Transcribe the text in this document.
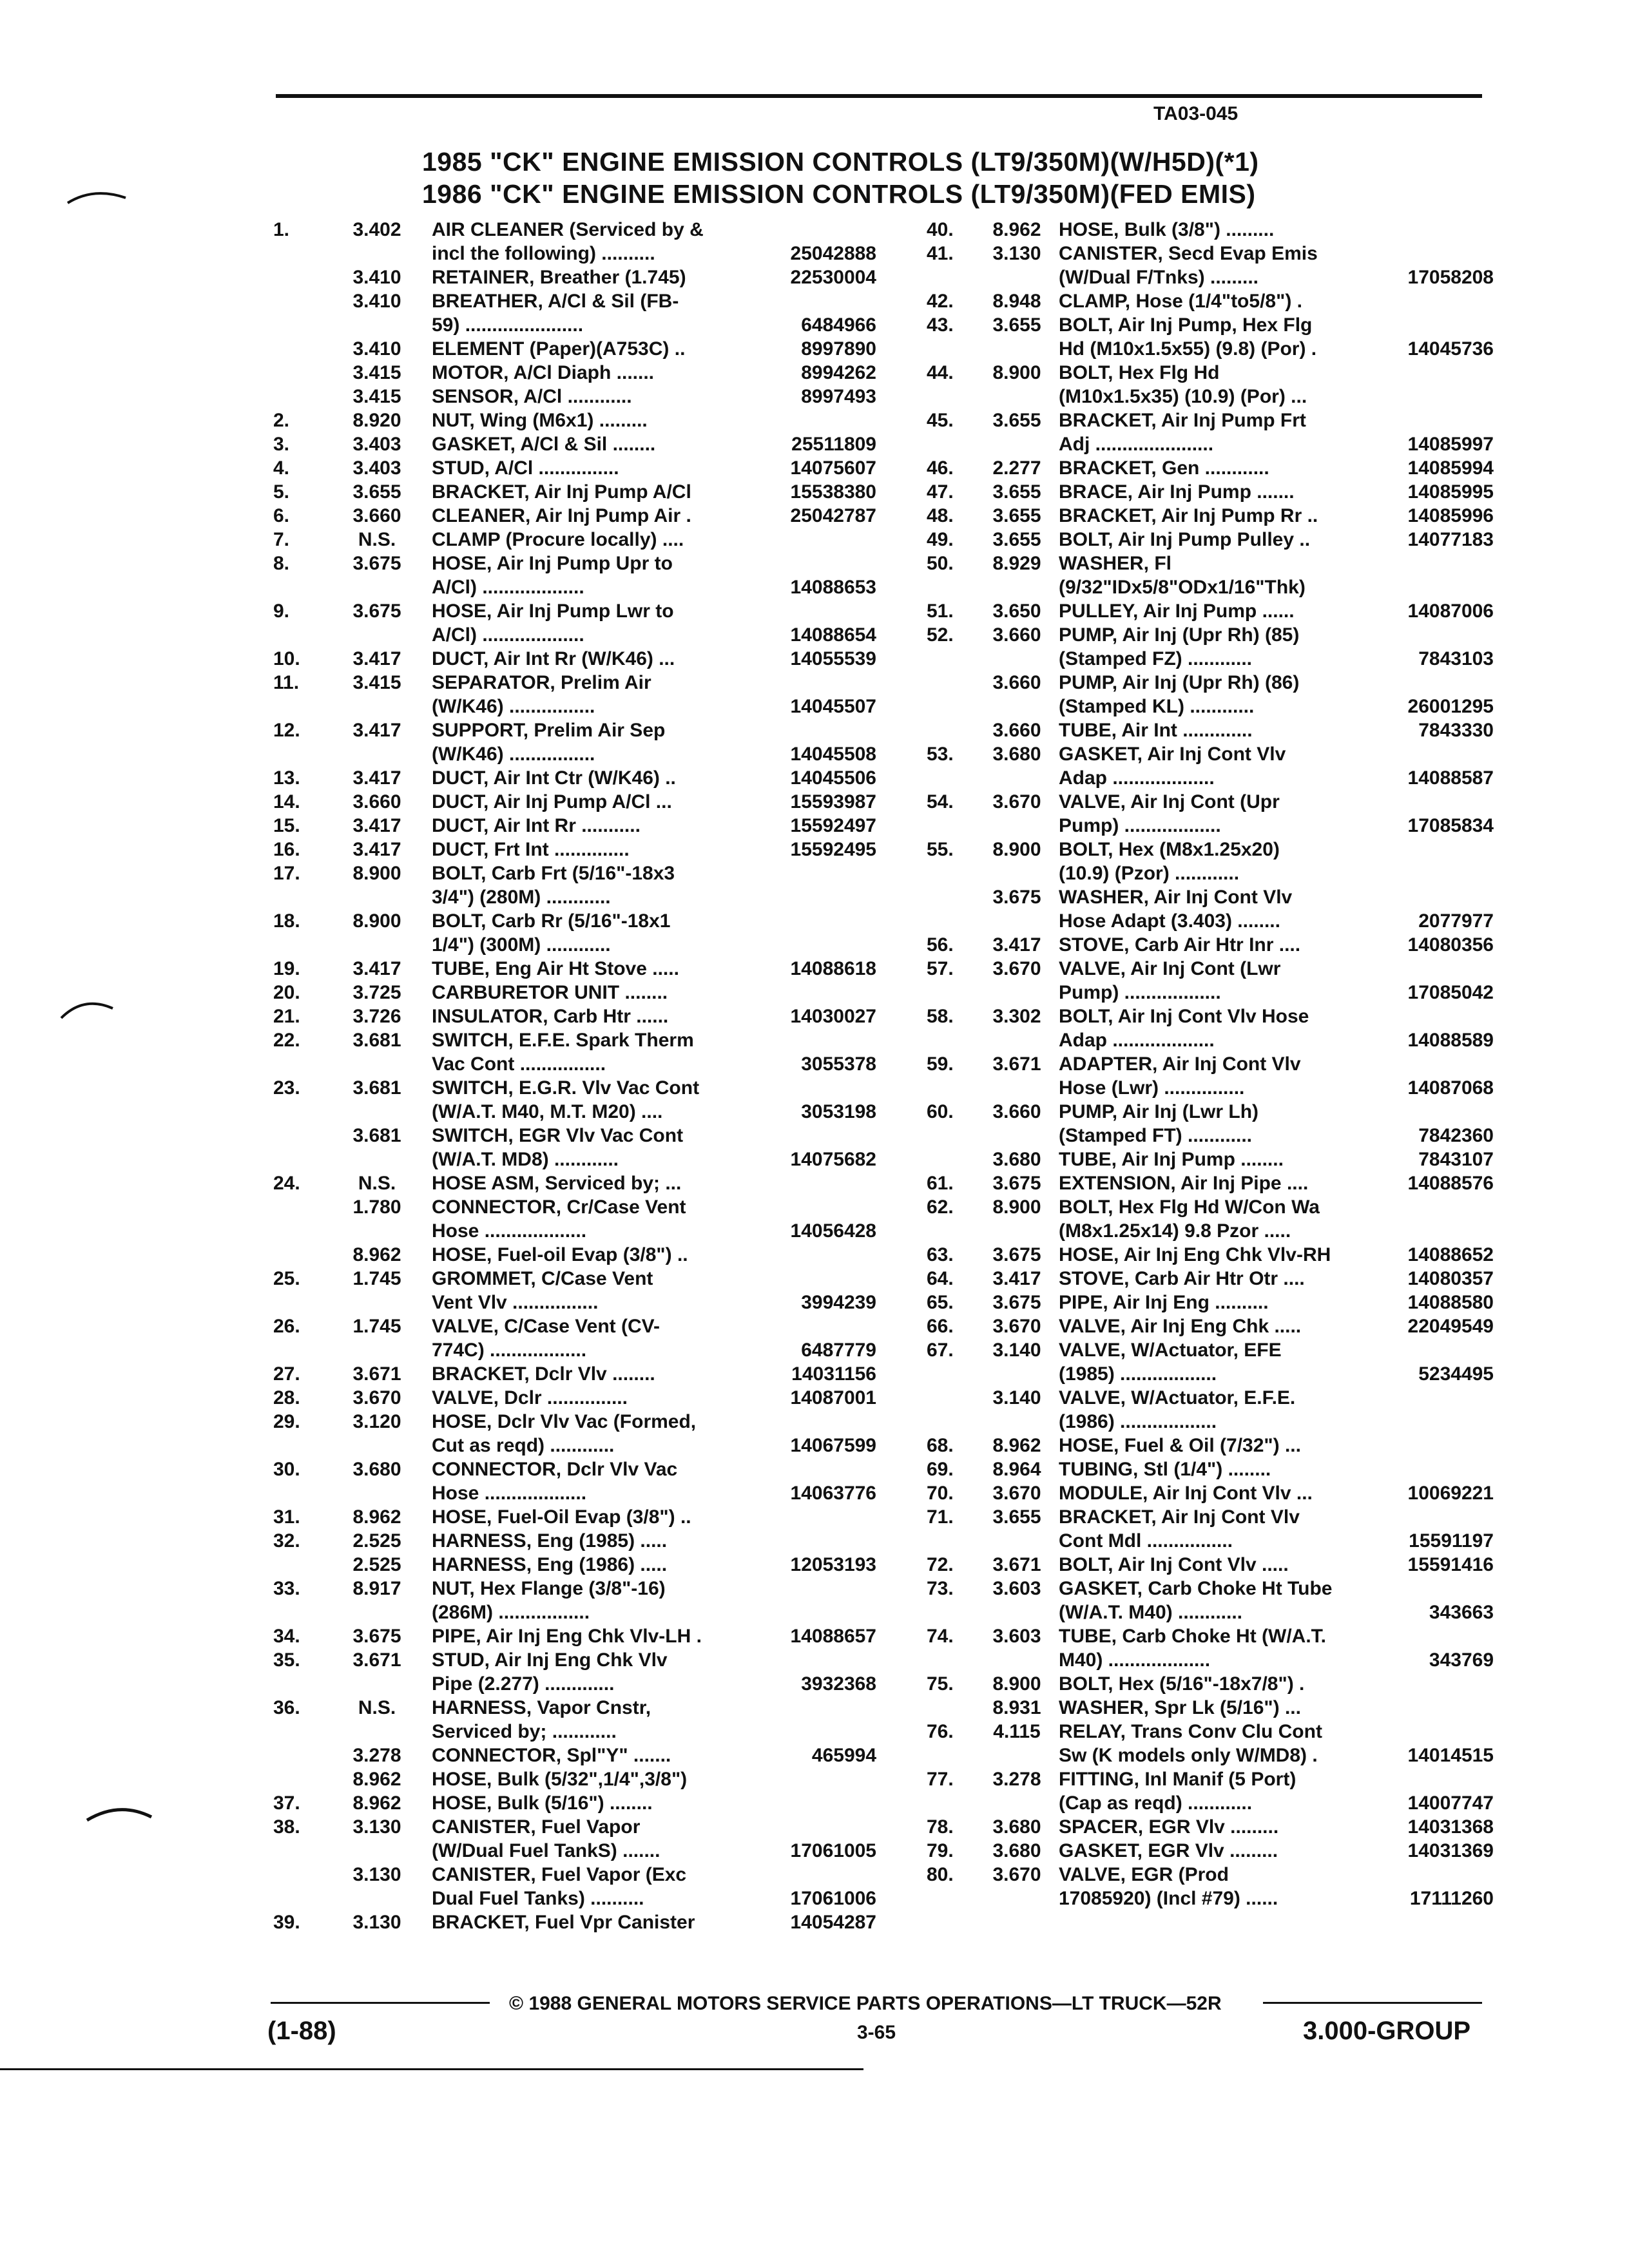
TA03-045
1985 "CK" ENGINE EMISSION CONTROLS (LT9/350M)(W/H5D)(*1)
1986 "CK" ENGINE EMISSION CONTROLS (LT9/350M)(FED EMIS)
1.	3.402	AIR CLEANER (Serviced by &
incl the following) ..........	25042888
3.410	RETAINER, Breather (1.745)	22530004
3.410	BREATHER, A/Cl & Sil (FB-
59) ......................	6484966
3.410	ELEMENT (Paper)(A753C) ..	8997890
3.415	MOTOR, A/Cl Diaph .......	8994262
3.415	SENSOR, A/Cl ............	8997493
2.	8.920	NUT, Wing (M6x1) .........
3.	3.403	GASKET, A/Cl & Sil ........	25511809
4.	3.403	STUD, A/Cl ...............	14075607
5.	3.655	BRACKET, Air Inj Pump A/Cl	15538380
6.	3.660	CLEANER, Air Inj Pump Air .	25042787
7.	N.S.	CLAMP (Procure locally) ....
8.	3.675	HOSE, Air Inj Pump Upr to
A/Cl) ...................	14088653
9.	3.675	HOSE, Air Inj Pump Lwr to
A/Cl) ...................	14088654
10.	3.417	DUCT, Air Int Rr (W/K46) ...	14055539
11.	3.415	SEPARATOR, Prelim Air
(W/K46) ................	14045507
12.	3.417	SUPPORT, Prelim Air Sep
(W/K46) ................	14045508
13.	3.417	DUCT, Air Int Ctr (W/K46) ..	14045506
14.	3.660	DUCT, Air Inj Pump A/Cl ...	15593987
15.	3.417	DUCT, Air Int Rr ...........	15592497
16.	3.417	DUCT, Frt Int ..............	15592495
17.	8.900	BOLT, Carb Frt (5/16"-18x3
3/4") (280M) ............
18.	8.900	BOLT, Carb Rr (5/16"-18x1
1/4") (300M) ............
19.	3.417	TUBE, Eng Air Ht Stove .....	14088618
20.	3.725	CARBURETOR UNIT ........
21.	3.726	INSULATOR, Carb Htr ......	14030027
22.	3.681	SWITCH, E.F.E. Spark Therm
Vac Cont ................	3055378
23.	3.681	SWITCH, E.G.R. Vlv Vac Cont
(W/A.T. M40, M.T. M20) ....	3053198
3.681	SWITCH, EGR Vlv Vac Cont
(W/A.T. MD8) ............	14075682
24.	N.S.	HOSE ASM, Serviced by; ...
1.780	CONNECTOR, Cr/Case Vent
Hose ...................	14056428
8.962	HOSE, Fuel-oil Evap (3/8") ..
25.	1.745	GROMMET, C/Case Vent
Vent Vlv ................	3994239
26.	1.745	VALVE, C/Case Vent (CV-
774C) ..................	6487779
27.	3.671	BRACKET, Dclr Vlv ........	14031156
28.	3.670	VALVE, Dclr ...............	14087001
29.	3.120	HOSE, Dclr Vlv Vac (Formed,
Cut as reqd) ............	14067599
30.	3.680	CONNECTOR, Dclr Vlv Vac
Hose ...................	14063776
31.	8.962	HOSE, Fuel-Oil Evap (3/8") ..
32.	2.525	HARNESS, Eng (1985) .....
2.525	HARNESS, Eng (1986) .....	12053193
33.	8.917	NUT, Hex Flange (3/8"-16)
(286M) .................
34.	3.675	PIPE, Air Inj Eng Chk Vlv-LH .	14088657
35.	3.671	STUD, Air Inj Eng Chk Vlv
Pipe (2.277) .............	3932368
36.	N.S.	HARNESS, Vapor Cnstr,
Serviced by; ............
3.278	CONNECTOR, Spl"Y" .......	465994
8.962	HOSE, Bulk (5/32",1/4",3/8")
37.	8.962	HOSE, Bulk (5/16") ........
38.	3.130	CANISTER, Fuel Vapor
(W/Dual Fuel TankS) .......	17061005
3.130	CANISTER, Fuel Vapor (Exc
Dual Fuel Tanks) ..........	17061006
39.	3.130	BRACKET, Fuel Vpr Canister	14054287
40.	8.962 HOSE, Bulk (3/8") .........
41.	3.130 CANISTER, Secd Evap Emis
(W/Dual F/Tnks) .........	17058208
42.	8.948 CLAMP, Hose (1/4"to5/8") .
43.	3.655 BOLT, Air Inj Pump, Hex Flg
Hd (M10x1.5x55) (9.8) (Por) .	14045736
44.	8.900 BOLT, Hex Flg Hd
(M10x1.5x35) (10.9) (Por) ...
45.	3.655 BRACKET, Air Inj Pump Frt
Adj ......................	14085997
46.	2.277 BRACKET, Gen ............	14085994
47.	3.655 BRACE, Air Inj Pump .......	14085995
48.	3.655 BRACKET, Air Inj Pump Rr ..	14085996
49.	3.655 BOLT, Air Inj Pump Pulley ..	14077183
50.	8.929 WASHER, Fl
(9/32"IDx5/8"ODx1/16"Thk)
51.	3.650 PULLEY, Air Inj Pump ......	14087006
52.	3.660 PUMP, Air Inj (Upr Rh) (85)
(Stamped FZ) ............	7843103
3.660 PUMP, Air Inj (Upr Rh) (86)
(Stamped KL) ............	26001295
3.660 TUBE, Air Int .............	7843330
53.	3.680 GASKET, Air Inj Cont Vlv
Adap ...................	14088587
54.	3.670 VALVE, Air Inj Cont (Upr
Pump) ..................	17085834
55.	8.900 BOLT, Hex (M8x1.25x20)
(10.9) (Pzor) ............
3.675 WASHER, Air Inj Cont Vlv
Hose Adapt (3.403) ........	2077977
56.	3.417 STOVE, Carb Air Htr Inr ....	14080356
57.	3.670 VALVE, Air Inj Cont (Lwr
Pump) ..................	17085042
58.	3.302 BOLT, Air Inj Cont Vlv Hose
Adap ...................	14088589
59.	3.671 ADAPTER, Air Inj Cont Vlv
Hose (Lwr) ...............	14087068
60.	3.660 PUMP, Air Inj (Lwr Lh)
(Stamped FT) ............	7842360
3.680 TUBE, Air Inj Pump ........	7843107
61.	3.675 EXTENSION, Air Inj Pipe ....	14088576
62.	8.900 BOLT, Hex Flg Hd W/Con Wa
(M8x1.25x14) 9.8 Pzor .....
63.	3.675 HOSE, Air Inj Eng Chk Vlv-RH	14088652
64.	3.417 STOVE, Carb Air Htr Otr ....	14080357
65.	3.675 PIPE, Air Inj Eng ..........	14088580
66.	3.670 VALVE, Air Inj Eng Chk .....	22049549
67.	3.140 VALVE, W/Actuator, EFE
(1985) ..................	5234495
3.140 VALVE, W/Actuator, E.F.E.
(1986) ..................
68.	8.962 HOSE, Fuel & Oil (7/32") ...
69.	8.964 TUBING, Stl (1/4") ........
70.	3.670 MODULE, Air Inj Cont Vlv ...	10069221
71.	3.655 BRACKET, Air Inj Cont Vlv
Cont Mdl ................	15591197
72.	3.671 BOLT, Air Inj Cont Vlv .....	15591416
73.	3.603 GASKET, Carb Choke Ht Tube
(W/A.T. M40) ............	343663
74.	3.603 TUBE, Carb Choke Ht (W/A.T.
M40) ...................	343769
75.	8.900 BOLT, Hex (5/16"-18x7/8") .
8.931 WASHER, Spr Lk (5/16") ...
76.	4.115 RELAY, Trans Conv Clu Cont
Sw (K models only W/MD8) .	14014515
77.	3.278 FITTING, Inl Manif (5 Port)
(Cap as reqd) ............	14007747
78.	3.680 SPACER, EGR Vlv .........	14031368
79.	3.680 GASKET, EGR Vlv .........	14031369
80.	3.670 VALVE, EGR (Prod
17085920) (Incl #79) ......	17111260
© 1988 GENERAL MOTORS SERVICE PARTS OPERATIONS—LT TRUCK—52R
(1-88)	3-65	3.000-GROUP
